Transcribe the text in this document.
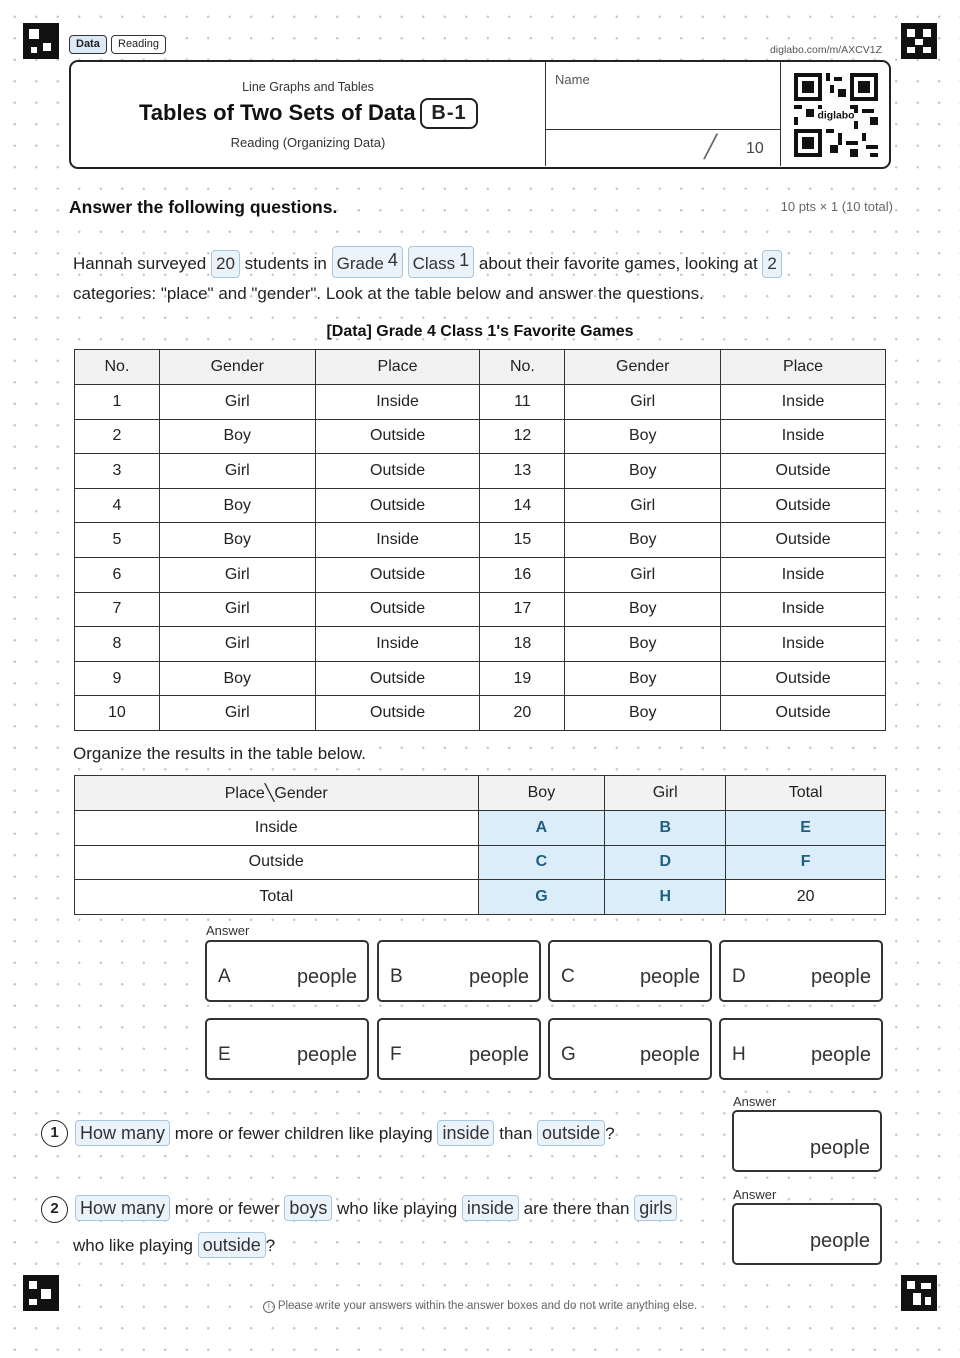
Data	Reading	diglabo.com/m/AXCV1Z
Line Graphs and Tables
Tables of Two Sets of Data B-1
Reading (Organizing Data)
Name
╱ 10
diglabo
Answer the following questions.	10 pts × 1 (10 total)
Hannah surveyed 20 students in Grade $^4$ Class $^1$ about their favorite games, looking at 2
categories: "place" and "gender". Look at the table below and answer the questions.
[Data] Grade 4 Class 1's Favorite Games
No.	Gender	Place	No.	Gender	Place
1	Girl	Inside	11	Girl	Inside
2	Boy	Outside	12	Boy	Inside
3	Girl	Outside	13	Boy	Outside
4	Boy	Outside	14	Girl	Outside
5	Boy	Inside	15	Boy	Outside
6	Girl	Outside	16	Girl	Inside
7	Girl	Outside	17	Boy	Inside
8	Girl	Inside	18	Boy	Inside
9	Boy	Outside	19	Boy	Outside
10	Girl	Outside	20	Boy	Outside
Organize the results in the table below.
Place╲Gender	Boy	Girl	Total
Inside	A	B	E
Outside	C	D	F
Total	G	H	20
Answer
A	people B	people C	people D	people
E	people F	people G	people H	people
1	How many more or fewer children like playing inside than outside ?
Answer
people
2	How many more or fewer boys who like playing inside are there than girls
who like playing outside ?
Answer
people
! Please write your answers within the answer boxes and do not write anything else.
